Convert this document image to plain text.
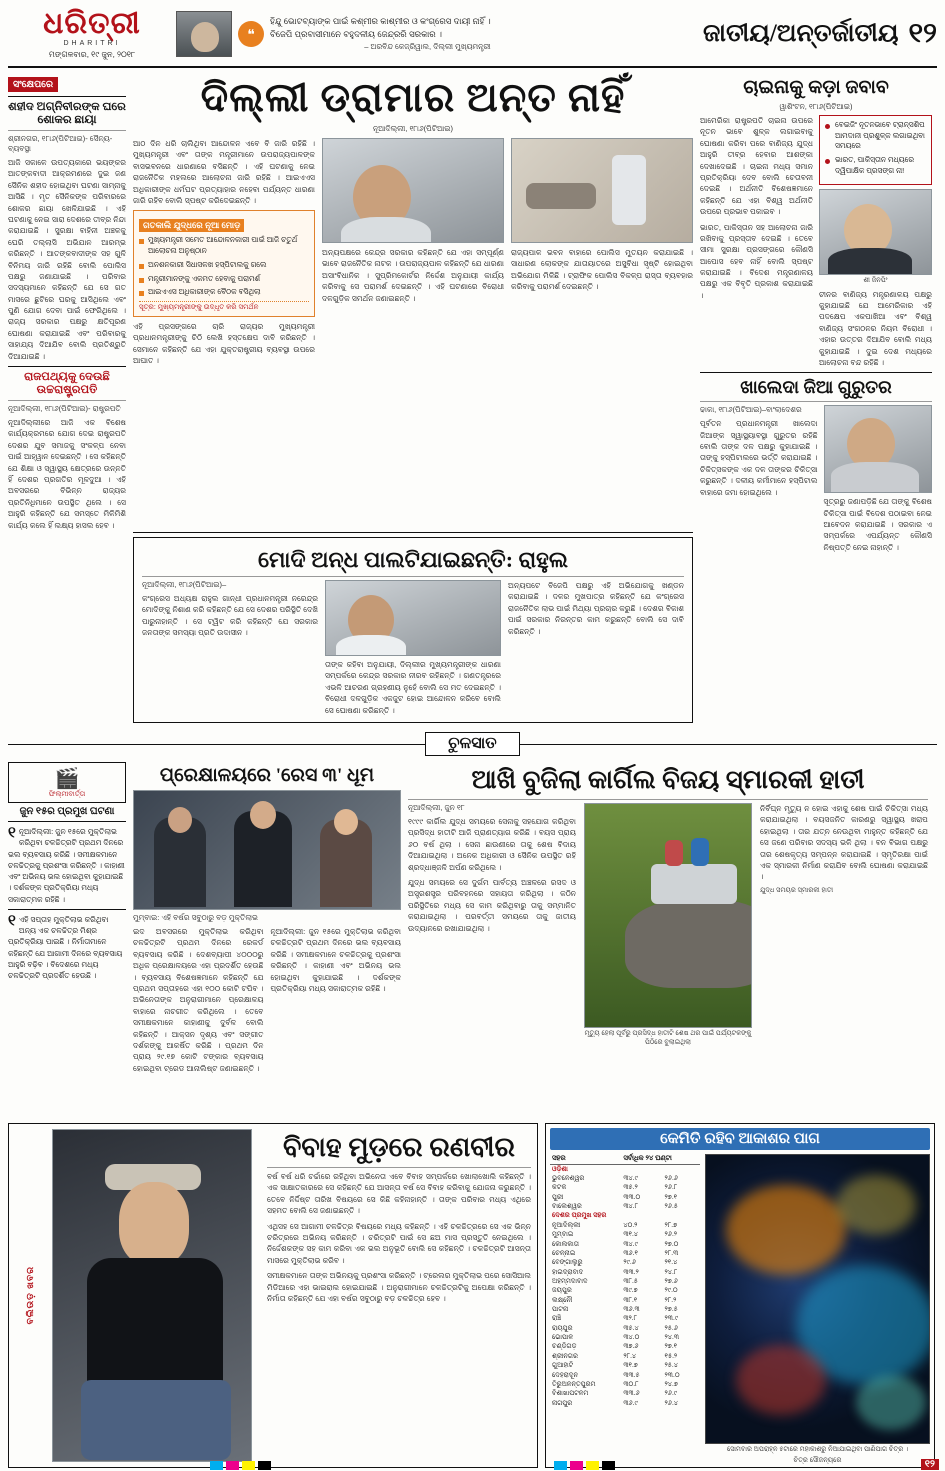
ଧରିତ୍ରୀ
DHARITRI
ମଙ୍ଗଳବାର, ୧୯ ଜୁନ, ୨୦୧୮
❝
ହିନ୍ଦୁ ଭୋଟବ୍ୟାଙ୍କ ପାଇଁ କଶ୍ମୀର କାଶ୍ମୀର ଓ କଂଗ୍ରେସ ଦାୟୀ ନାହିଁ ।
ବିଜେପି ପ୍ରବାସୀମାନେ ବହୁଦଳୀୟ ଜେନ୍ଦ୍ରରି ସରକାର ।
– ଅରବିନ୍ଦ କେଜ୍ରିୱାଲ, ଦିଲ୍ଲୀ ମୁଖ୍ୟମନ୍ତ୍ରୀ	ଜାତୀୟ/ଅନ୍ତର୍ଜାତୀୟ ୧୨
ସଂକ୍ଷେପରେ
ଶହୀଦ ଅଗ୍ନିବୀରଙ୍କ ଘରେ ଶୋକର ଛାୟା
ଶ୍ରୀନଗର, ୧୮ା୬(ପିଟିଆଇ)- ସୈନ୍ୟ-ବ୍ୟବସ୍ଥା
ଆଜି ସକାଳେ ଉପତ୍ୟକାରେ ଭୟଙ୍କର ଆତଙ୍କବାଦୀ ଆକ୍ରମଣରେ ଦୁଇ ଜଣ ସୈନିକ ଶହୀଦ ହୋଇଥିବା ଘଟଣା ସାମ୍ନାକୁ ଆସିଛି । ମୃତ ସୈନିକଙ୍କ ପରିବାରରେ ଶୋକର ଛାୟା ଖେଳିଯାଇଛି । ଏହି ଘଟଣାକୁ ନେଇ ସାରା ଦେଶରେ ତୀବ୍ର ନିନ୍ଦା କରାଯାଇଛି । ସୁରକ୍ଷା ବାହିନୀ ଅଞ୍ଚଳକୁ ଘେରି ତଲ୍ଲାସି ଅଭିଯାନ ଆରମ୍ଭ କରିଛନ୍ତି । ଆତଙ୍କବାଦୀଙ୍କ ସହ ଗୁଳି ବିନିମୟ ଜାରି ରହିଛି ବୋଲି ପୋଲିସ ପକ୍ଷରୁ ଜଣାଯାଇଛି । ପରିବାର ସଦସ୍ୟମାନେ କହିଛନ୍ତି ଯେ ସେ ଗତ ମାସରେ ଛୁଟିରେ ଘରକୁ ଆସିଥିଲେ ଏବଂ ପୁଣି ଯୋଗ ଦେବା ପାଇଁ ଫେରିଥିଲେ । ରାଜ୍ୟ ସରକାର ପକ୍ଷରୁ କ୍ଷତିପୂରଣ ଘୋଷଣା କରାଯାଇଛି ଏବଂ ପରିବାରକୁ ସାହାଯ୍ୟ ଦିଆଯିବ ବୋଲି ପ୍ରତିଶ୍ରୁତି ଦିଆଯାଇଛି ।
ରାଜପଥ୍ୟକୁ ଦେଉଛି ଉଚ୍ଚରାଷ୍ଟ୍ରପତି
ନୂଆଦିଲ୍ଲୀ, ୧୮ା୬(ପିଟିଆଇ)- ରାଷ୍ଟ୍ରପତି
ନୂଆଦିଲ୍ଲୀରେ ଆଜି ଏକ ବିଶେଷ କାର୍ଯ୍ୟକ୍ରମରେ ଯୋଗ ଦେଇ ରାଷ୍ଟ୍ରପତି ଦେଶର ଯୁବ ସମାଜକୁ ସଂକଳ୍ପ ନେବା ପାଇଁ ଆହ୍ୱାନ ଦେଇଛନ୍ତି । ସେ କହିଛନ୍ତି ଯେ ଶିକ୍ଷା ଓ ସ୍ୱାସ୍ଥ୍ୟ କ୍ଷେତ୍ରରେ ଉନ୍ନତି ହିଁ ଦେଶର ପ୍ରଗତିର ମୂଳଦୁଆ । ଏହି ଅବସରରେ ବିଭିନ୍ନ ରାଜ୍ୟର ପ୍ରତିନିଧିମାନେ ଉପସ୍ଥିତ ଥିଲେ । ସେ ଆହୁରି କହିଛନ୍ତି ଯେ ସମସ୍ତେ ମିଳିମିଶି କାର୍ଯ୍ୟ କଲେ ହିଁ ଲକ୍ଷ୍ୟ ହାସଲ ହେବ ।
ଦିଲ୍ଲୀ ଡ୍ରାମାର ଅନ୍ତ ନାହିଁ
ନୂଆଦିଲ୍ଲୀ, ୧୮ା୬(ପିଟିଆଇ)
ଆଠ ଦିନ ଧରି ଚାଲିଥିବା ଆନ୍ଦୋଳନ ଏବେ ବି ଜାରି ରହିଛି । ମୁଖ୍ୟମନ୍ତ୍ରୀ ଏବଂ ତାଙ୍କ ମନ୍ତ୍ରୀମାନେ ଉପରାଜ୍ୟପାଳଙ୍କ ବାସଭବନରେ ଧାରଣାରେ ବସିଛନ୍ତି । ଏହି ଘଟଣାକୁ ନେଇ ରାଜନୈତିକ ମହଲରେ ଆଲୋଚନା ଜାରି ରହିଛି । ଆଇଏଏସ ଅଧିକାରୀଙ୍କ ଧର୍ମଘଟ ପ୍ରତ୍ୟାହାର ନହେବା ପର୍ଯ୍ୟନ୍ତ ଧାରଣା ଜାରି ରହିବ ବୋଲି ସ୍ପଷ୍ଟ କରିଦେଇଛନ୍ତି ।
ଗତକାଲି ଯୁଦ୍ଧରେ ନୂଆ ମୋଡ଼
ମୁଖ୍ୟମନ୍ତ୍ରୀ ସମେତ ଆନ୍ଦୋଳନକାରୀ ପାଇଁ ଆଜି ଚତୁର୍ଥ ଆଲୋଚନା ଅନୁଷ୍ଠାନ
ଅନଶନକାରୀ ସିଧାସଳଖ ହସ୍ପିଟାଲକୁ ଗଲେ
ମନ୍ତ୍ରୀମାନଙ୍କୁ ଏକମତ ହେବାକୁ ପରାମର୍ଶ
ଆଇଏଏସ ଅଧିକାରୀଙ୍କ ବୈଠକ ବସିଥିଲା
ସୂତ୍ର: ମୁଖ୍ୟମନ୍ତ୍ରୀଙ୍କୁ ଉଦ୍ଧୃତ କରି ସମର୍ଥନ
ଏହି ପ୍ରସଙ୍ଗରେ ଚାରି ରାଜ୍ୟର ମୁଖ୍ୟମନ୍ତ୍ରୀ ପ୍ରଧାନମନ୍ତ୍ରୀଙ୍କୁ ଚିଠି ଲେଖି ହସ୍ତକ୍ଷେପ ଦାବି କରିଛନ୍ତି । ସେମାନେ କହିଛନ୍ତି ଯେ ଏହା ଯୁକ୍ତରାଷ୍ଟ୍ରୀୟ ବ୍ୟବସ୍ଥା ଉପରେ ଆଘାତ ।
ଅନ୍ୟପକ୍ଷରେ କେନ୍ଦ୍ର ସରକାର କହିଛନ୍ତି ଯେ ଏହା ସମ୍ପୂର୍ଣ୍ଣ ଭାବେ ରାଜନୈତିକ ନାଟକ । ଉପରାଜ୍ୟପାଳ କହିଛନ୍ତି ଯେ ଧାରଣା ଅସାଂବିଧାନିକ । ସୁପ୍ରିମକୋର୍ଟର ନିର୍ଦ୍ଦେଶ ଅନୁଯାୟୀ କାର୍ଯ୍ୟ କରିବାକୁ ସେ ପରାମର୍ଶ ଦେଇଛନ୍ତି । ଏହି ଘଟଣାରେ ବିରୋଧୀ ଦଳଗୁଡ଼ିକ ସମର୍ଥନ ଜଣାଇଛନ୍ତି ।
ରାଜ୍ୟପାଳ ଭବନ ବାହାରେ ପୋଲିସ ମୁତୟନ କରାଯାଇଛି । ସାଧାରଣ ଲୋକଙ୍କ ଯାତାୟାତରେ ଅସୁବିଧା ସୃଷ୍ଟି ହୋଇଥିବା ଅଭିଯୋଗ ମିଳିଛି । ଟ୍ରାଫିକ ପୋଲିସ ବିକଳ୍ପ ରାସ୍ତା ବ୍ୟବହାର କରିବାକୁ ପରାମର୍ଶ ଦେଇଛନ୍ତି ।
ମୋଦି ଅନ୍ଧ ପାଲଟିଯାଇଛନ୍ତି: ରାହୁଲ
ନୂଆଦିଲ୍ଲୀ, ୧୮ା୬(ପିଟିଆଇ)–
କଂଗ୍ରେସ ଅଧ୍ୟକ୍ଷ ରାହୁଲ ଗାନ୍ଧୀ ପ୍ରଧାନମନ୍ତ୍ରୀ ନରେନ୍ଦ୍ର ମୋଦିଙ୍କୁ ନିଶାଣ କରି କହିଛନ୍ତି ଯେ ସେ ଦେଶର ପରିସ୍ଥିତି ଦେଖି ପାରୁନାହାନ୍ତି । ସେ ଟ୍ୱିଟ କରି କହିଛନ୍ତି ଯେ ସରକାର ଜନତାଙ୍କ ସମସ୍ୟା ପ୍ରତି ଉଦାସୀନ ।
ତାଙ୍କ କହିବା ଅନୁଯାୟୀ, ଦିଲ୍ଲୀର ମୁଖ୍ୟମନ୍ତ୍ରୀଙ୍କ ଧାରଣା ସମ୍ପର୍କରେ କେନ୍ଦ୍ର ସରକାର ନୀରବ ରହିଛନ୍ତି । ଗଣତନ୍ତ୍ରରେ ଏଭଳି ଆଚରଣ ଗ୍ରହଣୀୟ ନୁହେଁ ବୋଲି ସେ ମତ ଦେଇଛନ୍ତି । ବିରୋଧୀ ଦଳଗୁଡ଼ିକ ଏକଜୁଟ ହୋଇ ଆନ୍ଦୋଳନ କରିବେ ବୋଲି ସେ ଘୋଷଣା କରିଛନ୍ତି ।
ଅନ୍ୟପଟେ ବିଜେପି ପକ୍ଷରୁ ଏହି ଅଭିଯୋଗକୁ ଖଣ୍ଡନ କରାଯାଇଛି । ଦଳର ମୁଖପାତ୍ର କହିଛନ୍ତି ଯେ କଂଗ୍ରେସ ରାଜନୈତିକ ଲାଭ ପାଇଁ ମିଥ୍ୟା ପ୍ରଚାର କରୁଛି । ଦେଶର ବିକାଶ ପାଇଁ ସରକାର ନିରନ୍ତର କାମ କରୁଛନ୍ତି ବୋଲି ସେ ଦାବି କରିଛନ୍ତି ।
ଚାଇନାକୁ କଡ଼ା ଜବାବ
ୱାଶିଂଟନ, ୧୮ା୬(ପିଟିଆଇ)
ଆମେରିକା ରାଷ୍ଟ୍ରପତି ଚାଇନା ଉପରେ ନୂତନ ଭାବେ ଶୁଳ୍କ ଲଗାଇବାକୁ ଘୋଷଣା କରିବା ପରେ ବାଣିଜ୍ୟ ଯୁଦ୍ଧ ଆହୁରି ତୀବ୍ର ହେବାର ଆଶଙ୍କା ଦେଖାଦେଇଛି । ଚାଇନା ମଧ୍ୟ ସମାନ ପ୍ରତିକ୍ରିୟା ଦେବ ବୋଲି ଚେତାବନୀ ଦେଇଛି । ଅର୍ଥନୀତି ବିଶେଷଜ୍ଞମାନେ କହିଛନ୍ତି ଯେ ଏହା ବିଶ୍ୱ ଅର୍ଥନୀତି ଉପରେ ପ୍ରଭାବ ପକାଇବ ।
ଭାରତ, ପାକିସ୍ତାନ ସହ ଆଲୋଚନା ଜାରି ରଖିବାକୁ ପ୍ରସ୍ତାବ ଦେଇଛି । ତେବେ ସୀମା ସୁରକ୍ଷା ପ୍ରସଙ୍ଗରେ କୌଣସି ଆପୋସ ହେବ ନାହିଁ ବୋଲି ସ୍ପଷ୍ଟ କରାଯାଇଛି । ବିଦେଶ ମନ୍ତ୍ରଣାଳୟ ପକ୍ଷରୁ ଏକ ବିବୃତି ପ୍ରକାଶ କରାଯାଇଛି ।
ବେଇଜିଂ ନୂତନଭାବେ ଟ୍ରାନ୍ସଶିପ ଆମଦାନୀ ପ୍ରଶୁଳ୍କ ଲଗାଇଥିବା ସମୟରେ
ଭାରତ, ପାକିସ୍ତାନ ମଧ୍ୟରେ ଦ୍ୱିପାକ୍ଷିକ ପ୍ରସଙ୍ଗ ନା!
ଶୀ ଜିନପିଂ
ଚୀନର ବାଣିଜ୍ୟ ମନ୍ତ୍ରଣାଳୟ ପକ୍ଷରୁ କୁହାଯାଇଛି ଯେ ଆମେରିକାର ଏହି ପଦକ୍ଷେପ ଏକପାଖିଆ ଏବଂ ବିଶ୍ୱ ବାଣିଜ୍ୟ ସଂଗଠନର ନିୟମ ବିରୋଧୀ । ଏହାର ଉତ୍ତର ଦିଆଯିବ ବୋଲି ମଧ୍ୟ କୁହାଯାଇଛି । ଦୁଇ ଦେଶ ମଧ୍ୟରେ ଆଲୋଚନା ବନ୍ଦ ରହିଛି ।
ଖାଲେଦା ଜିଆ ଗୁରୁତର
ଢାକା, ୧୮ା୬(ପିଟିଆଇ)–ବାଂଲାଦେଶର
ପୂର୍ବତନ ପ୍ରଧାନମନ୍ତ୍ରୀ ଖାଲେଦା ଜିଆଙ୍କ ସ୍ୱାସ୍ଥ୍ୟାବସ୍ଥା ଗୁରୁତର ରହିଛି ବୋଲି ତାଙ୍କ ଦଳ ପକ୍ଷରୁ କୁହାଯାଇଛି । ତାଙ୍କୁ ହସ୍ପିଟାଲରେ ଭର୍ତ୍ତି କରାଯାଇଛି । ଚିକିତ୍ସକଙ୍କ ଏକ ଦଳ ତାଙ୍କର ଚିକିତ୍ସା କରୁଛନ୍ତି । ଦଳୀୟ କର୍ମୀମାନେ ହସ୍ପିଟାଲ ବାହାରେ ଜମା ହୋଇଥିଲେ ।
ସୂତ୍ରରୁ ଜଣାପଡ଼ିଛି ଯେ ତାଙ୍କୁ ବିଶେଷ ଚିକିତ୍ସା ପାଇଁ ବିଦେଶ ପଠାଇବା ନେଇ ଆବେଦନ କରାଯାଇଛି । ସରକାର ଏ ସମ୍ପର୍କରେ ଏପର୍ଯ୍ୟନ୍ତ କୌଣସି ନିଷ୍ପତ୍ତି ନେଇ ନାହାନ୍ତି ।
ଚୁଳସାତ
🎬
ଫିଲ୍ମୀବାର୍ତ୍ତା
ଜୁନ ୧୫ର ପ୍ରମୁଖ ଘଟଣା
୧ ନୂଆଦିଲ୍ଲୀ: ଜୁନ ୧୫ରେ ମୁକ୍ତିଲାଭ କରିଥିବା ଚଳଚ୍ଚିତ୍ରଟି ପ୍ରଥମ ଦିନରେ ଭଲ ବ୍ୟବସାୟ କରିଛି । ସମୀକ୍ଷକମାନେ ଚଳଚ୍ଚିତ୍ରକୁ ପ୍ରଶଂସା କରିଛନ୍ତି । କାହାଣୀ ଏବଂ ଅଭିନୟ ଭଲ ହୋଇଥିବା କୁହାଯାଇଛି । ଦର୍ଶକଙ୍କ ପ୍ରତିକ୍ରିୟା ମଧ୍ୟ ସକାରାତ୍ମକ ରହିଛି ।
୧ ଏହି ସପ୍ତାହ ମୁକ୍ତିଲାଭ କରିଥିବା ଅନ୍ୟ ଏକ ଚଳଚ୍ଚିତ୍ର ମିଶ୍ର ପ୍ରତିକ୍ରିୟା ପାଇଛି । ନିର୍ମାତାମାନେ କହିଛନ୍ତି ଯେ ଆଗାମୀ ଦିନରେ ବ୍ୟବସାୟ ଆହୁରି ବଢ଼ିବ । ବିଦେଶରେ ମଧ୍ୟ ଚଳଚ୍ଚିତ୍ରଟି ପ୍ରଦର୍ଶିତ ହେଉଛି ।
ପ୍ରେକ୍ଷାଳୟରେ 'ରେସ ୩' ଧୂମ
ମୁମ୍ବାଇ: ଏହି ବର୍ଷର ସବୁଠାରୁ ବଡ଼ ମୁକ୍ତିଲାଭ
ଇଦ ଅବସରରେ ମୁକ୍ତିଲାଭ କରିଥିବା ଚଳଚ୍ଚିତ୍ରଟି ପ୍ରଥମ ଦିନରେ ରେକର୍ଡ ବ୍ୟବସାୟ କରିଛି । ଦେଶବ୍ୟାପୀ ୪୦୦୦ରୁ ଅଧିକ ପ୍ରେକ୍ଷାଳୟରେ ଏହା ପ୍ରଦର୍ଶିତ ହେଉଛି । ବ୍ୟବସାୟ ବିଶେଷଜ୍ଞମାନେ କହିଛନ୍ତି ଯେ ପ୍ରଥମ ସପ୍ତାହରେ ଏହା ୧୦୦ କୋଟି ଟପିବ । ଅଭିନେତାଙ୍କ ଅନୁରାଗୀମାନେ ପ୍ରେକ୍ଷାଳୟ ବାହାରେ ନାଚଗୀତ କରିଥିଲେ । ତେବେ ସମୀକ୍ଷକମାନେ କାହାଣୀକୁ ଦୁର୍ବଳ ବୋଲି କହିଛନ୍ତି । ଆକ୍ସନ ଦୃଶ୍ୟ ଏବଂ ସଙ୍ଗୀତ ଦର୍ଶକଙ୍କୁ ଆକର୍ଷିତ କରିଛି । ପ୍ରଥମ ଦିନ ପ୍ରାୟ ୨୯.୧୭ କୋଟି ଟଙ୍କାର ବ୍ୟବସାୟ ହୋଇଥିବା ଟ୍ରେଡ ଆନାଲିଷ୍ଟ ଜଣାଇଛନ୍ତି ।
ନୂଆଦିଲ୍ଲୀ: ଜୁନ ୧୫ରେ ମୁକ୍ତିଲାଭ କରିଥିବା ଚଳଚ୍ଚିତ୍ରଟି ପ୍ରଥମ ଦିନରେ ଭଲ ବ୍ୟବସାୟ କରିଛି । ସମୀକ୍ଷକମାନେ ଚଳଚ୍ଚିତ୍ରକୁ ପ୍ରଶଂସା କରିଛନ୍ତି । କାହାଣୀ ଏବଂ ଅଭିନୟ ଭଲ ହୋଇଥିବା କୁହାଯାଇଛି । ଦର୍ଶକଙ୍କ ପ୍ରତିକ୍ରିୟା ମଧ୍ୟ ସକାରାତ୍ମକ ରହିଛି ।
ଆଖି ବୁଜିଲା କାର୍ଗିଲ ବିଜୟ ସ୍ମାରକୀ ହାତୀ
ନୂଆଦିଲ୍ଲୀ, ଜୁନ ୧୮
୧୯୯୯ କାର୍ଗିଲ ଯୁଦ୍ଧ ସମୟରେ ସେନାକୁ ସହଯୋଗ କରିଥିବା ପ୍ରସିଦ୍ଧ ହାତୀଟି ଆଜି ପ୍ରାଣତ୍ୟାଗ କରିଛି । ବୟସ ପ୍ରାୟ ୬୦ ବର୍ଷ ଥିଲା । ସେନା ଛାଉଣୀରେ ତାକୁ ଶେଷ ବିଦାୟ ଦିଆଯାଇଥିଲା । ଅନେକ ଅଧିକାରୀ ଓ ସୈନିକ ଉପସ୍ଥିତ ରହି ଶ୍ରଦ୍ଧାଞ୍ଜଳି ଅର୍ପଣ କରିଥିଲେ ।
ଯୁଦ୍ଧ ସମୟରେ ସେ ଦୁର୍ଗମ ପାର୍ବତ୍ୟ ଅଞ୍ଚଳରେ ରସଦ ଓ ଅସ୍ତ୍ରଶସ୍ତ୍ର ପରିବହନରେ ସହାୟତା କରିଥିଲା । କଠିନ ପରିସ୍ଥିତିରେ ମଧ୍ୟ ସେ କାମ କରିଥିବାରୁ ତାକୁ ସମ୍ମାନିତ କରାଯାଇଥିଲା । ପରବର୍ତ୍ତୀ ସମୟରେ ତାକୁ ଜାତୀୟ ଉଦ୍ୟାନରେ ରଖାଯାଇଥିଲା ।
ମୃତ୍ୟୁ ହେଲା ପୂର୍ବରୁ ପ୍ରସିଦ୍ଧ ହାତୀଟି ଶେଷ ଥର ପାଇଁ ପର୍ଯ୍ୟଟକଙ୍କୁ ପିଠିରେ ବୁଲାଇଥିଲା
ନିର୍ବିଘ୍ନ ମୃତ୍ୟୁ ନ ହୋଇ ଏହାକୁ ଶେଷ ପାଇଁ ଚିକିତ୍ସା ମଧ୍ୟ କରାଯାଇଥିଲା । ବୟସଜନିତ କାରଣରୁ ସ୍ୱାସ୍ଥ୍ୟ ଖରାପ ହୋଇଥିଲା । ତାର ଯତ୍ନ ନେଉଥିବା ମାହୁନ୍ତ କହିଛନ୍ତି ଯେ ସେ ଜଣେ ପରିବାର ସଦସ୍ୟ ଭଳି ଥିଲା । ବନ ବିଭାଗ ପକ୍ଷରୁ ତାର ଶେଷକୃତ୍ୟ ସମ୍ପନ୍ନ କରାଯାଇଛି । ସ୍ମୃତିରକ୍ଷା ପାଇଁ ଏକ ସ୍ମାରକୀ ନିର୍ମାଣ କରାଯିବ ବୋଲି ଘୋଷଣା କରାଯାଇଛି ।
ଯୁଦ୍ଧ ସମୟର ସ୍ମାରକୀ ହାତୀ
ବଲିଉଡ଼ ଖବର
ବିବାହ ମୁଡ଼ରେ ରଣବୀର
ବର୍ଷ ବର୍ଷ ଧରି ଚର୍ଚ୍ଚାରେ ରହିଥିବା ଅଭିନେତା ଏବେ ବିବାହ ସମ୍ପର୍କରେ ଖୋଲାଖୋଲି କହିଛନ୍ତି । ଏକ ସାକ୍ଷାତକାରରେ ସେ କହିଛନ୍ତି ଯେ ଆସନ୍ତା ବର୍ଷ ସେ ବିବାହ କରିବାକୁ ଯୋଜନା କରୁଛନ୍ତି । ତେବେ ନିର୍ଦ୍ଦିଷ୍ଟ ତାରିଖ ବିଷୟରେ ସେ କିଛି କହିନାହାନ୍ତି । ତାଙ୍କ ପରିବାର ମଧ୍ୟ ଏଥିରେ ସହମତ ବୋଲି ସେ ଜଣାଇଛନ୍ତି ।
ଏଥିସହ ସେ ଆଗାମୀ ଚଳଚ୍ଚିତ୍ର ବିଷୟରେ ମଧ୍ୟ କହିଛନ୍ତି । ଏହି ଚଳଚ୍ଚିତ୍ରରେ ସେ ଏକ ଭିନ୍ନ ଚରିତ୍ରରେ ଅଭିନୟ କରିଛନ୍ତି । ଚରିତ୍ରଟି ପାଇଁ ସେ ଛଅ ମାସ ପ୍ରସ୍ତୁତି ନେଇଥିଲେ । ନିର୍ଦ୍ଦେଶକଙ୍କ ସହ କାମ କରିବା ଏକ ଭଲ ଅନୁଭୂତି ବୋଲି ସେ କହିଛନ୍ତି । ଚଳଚ୍ଚିତ୍ରଟି ଆସନ୍ତା ମାସରେ ମୁକ୍ତିଲାଭ କରିବ ।
ସମୀକ୍ଷକମାନେ ତାଙ୍କ ଅଭିନୟକୁ ପ୍ରଶଂସା କରିଛନ୍ତି । ଟ୍ରେଲର ମୁକ୍ତିଲାଭ ପରେ ସୋସିଆଲ ମିଡିଆରେ ଏହା ଭାଇରାଲ ହୋଇଯାଇଛି । ଅନୁରାଗୀମାନେ ଚଳଚ୍ଚିତ୍ରଟିକୁ ଅପେକ୍ଷା କରିଛନ୍ତି । ନିର୍ମାତା କହିଛନ୍ତି ଯେ ଏହା ବର୍ଷର ସବୁଠାରୁ ବଡ଼ ଚଳଚ୍ଚିତ୍ର ହେବ ।
କେମିତି ରହିବ ଆକାଶର ପାଗ
ସହର	ସର୍ବାଧିକ ୨୪ ଘଣ୍ଟା	
ଓଡ଼ିଶା		
ଭୁବନେଶ୍ୱର	୩୪.୯	୨୬.୬
କଟକ	୩୫.୨	୨୬.୮
ପୁରୀ	୩୩.୦	୨୭.୧
ବାଲେଶ୍ୱର	୩୪.୮	୨୬.୫
ଦେଶର ପ୍ରମୁଖ ସହର		
ନୂଆଦିଲ୍ଲୀ	୪୦.୨	୨୮.୭
ମୁମ୍ବାଇ	୩୧.୪	୨୬.୨
କୋଲକାତା	୩୪.୯	୨୭.୦
ଚେନ୍ନାଇ	୩୬.୧	୨୮.୩
ବେଙ୍ଗାଲୁରୁ	୨୯.୬	୨୧.୪
ହାଇଦ୍ରାବାଦ	୩୩.୨	୨୪.୮
ଅହମ୍ମଦାବାଦ	୩୮.୫	୨୭.୬
ଜୟପୁର	୩୯.୭	୨୯.୦
ଲକ୍ଷ୍ନୌ	୩୮.୧	୨୮.୨
ପାଟନା	୩୬.୩	୨୭.୫
ରାଞ୍ଚି	୩୨.୮	୨୩.୯
ରାୟପୁର	୩୫.୪	୨୫.୬
ଭୋପାଳ	୩୪.୦	୨୪.୩
ଚଣ୍ଡିଗଡ଼	୩୭.୬	୨୭.୧
ଶ୍ରୀନଗର	୨୮.୪	୧୫.୨
ଗୁଆହାଟି	୩୧.୭	୨୫.୪
ଦେହରାଦୂନ	୩୩.୫	୨୩.୦
ତିରୁଅନନ୍ତପୁରମ	୩୦.୮	୨୪.୭
ବିଶାଖାପଟନମ	୩୩.୬	୨୬.୯
ନାଗପୁର	୩୬.୯	୨୬.୪
ସୋମବାର ଅପରାହ୍ନ ୫ଟାରେ ମହାକାଶରୁ ନିଆଯାଇଥିବା ପାଣିପାଗ ଚିତ୍ର ।
ଚିତ୍ର ସୌଜନ୍ୟରେ	୧୨
